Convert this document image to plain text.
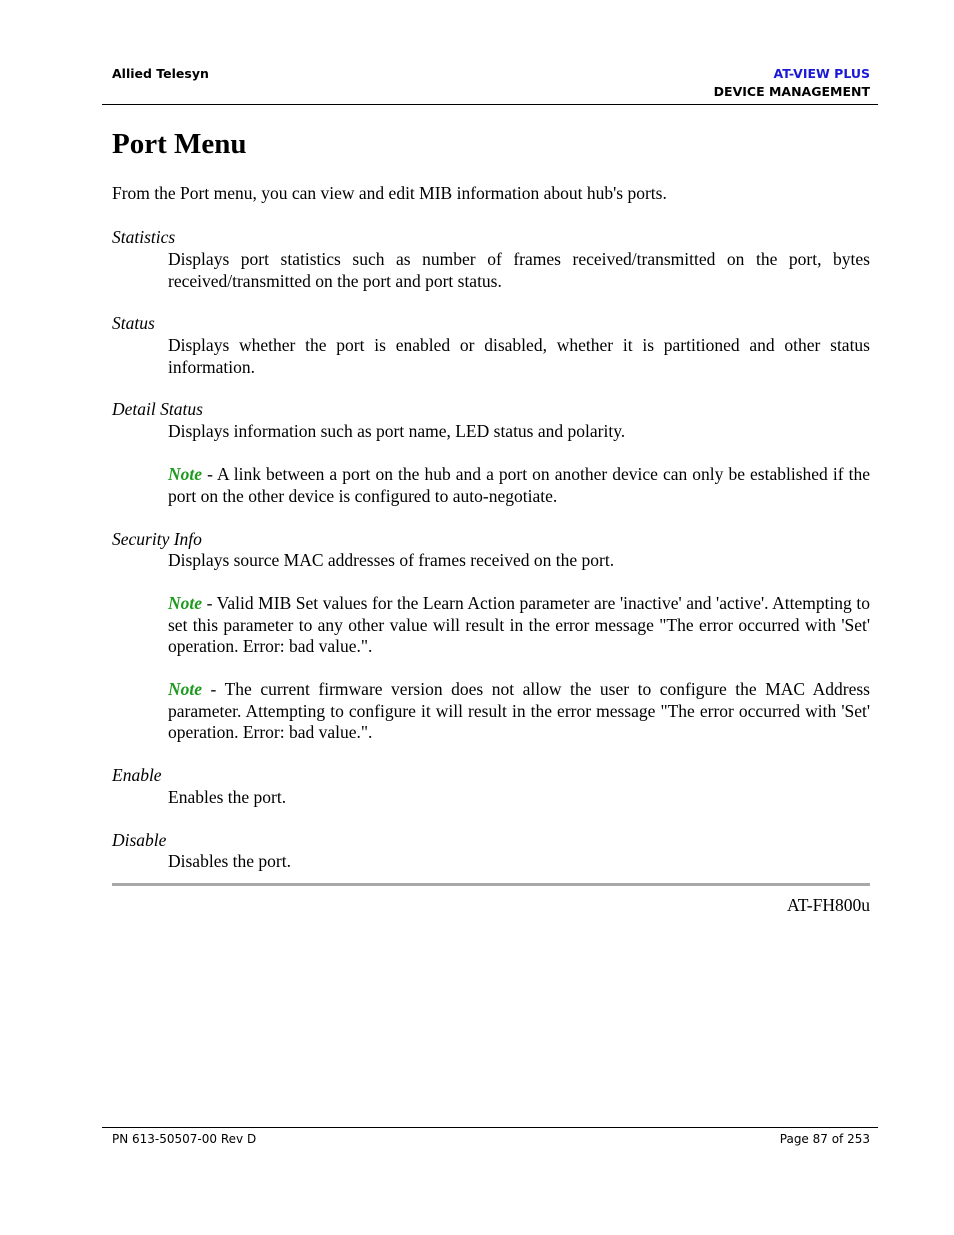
Allied Telesyn	AT-VIEW PLUS
DEVICE MANAGEMENT
Port Menu
From the Port menu, you can view and edit MIB information about hub's ports.
Statistics
Displays port statistics such as number of frames received/transmitted on the port, bytes received/transmitted on the port and port status.
Status
Displays whether the port is enabled or disabled, whether it is partitioned and other status information.
Detail Status
Displays information such as port name, LED status and polarity.
Note - A link between a port on the hub and a port on another device can only be established if the port on the other device is configured to auto-negotiate.
Security Info
Displays source MAC addresses of frames received on the port.
Note - Valid MIB Set values for the Learn Action parameter are 'inactive' and 'active'. Attempting to set this parameter to any other value will result in the error message "The error occurred with 'Set' operation. Error: bad value.".
Note - The current firmware version does not allow the user to configure the MAC Address parameter. Attempting to configure it will result in the error message "The error occurred with 'Set' operation. Error: bad value.".
Enable
Enables the port.
Disable
Disables the port.
AT-FH800u
PN 613-50507-00 Rev D	Page 87 of 253
